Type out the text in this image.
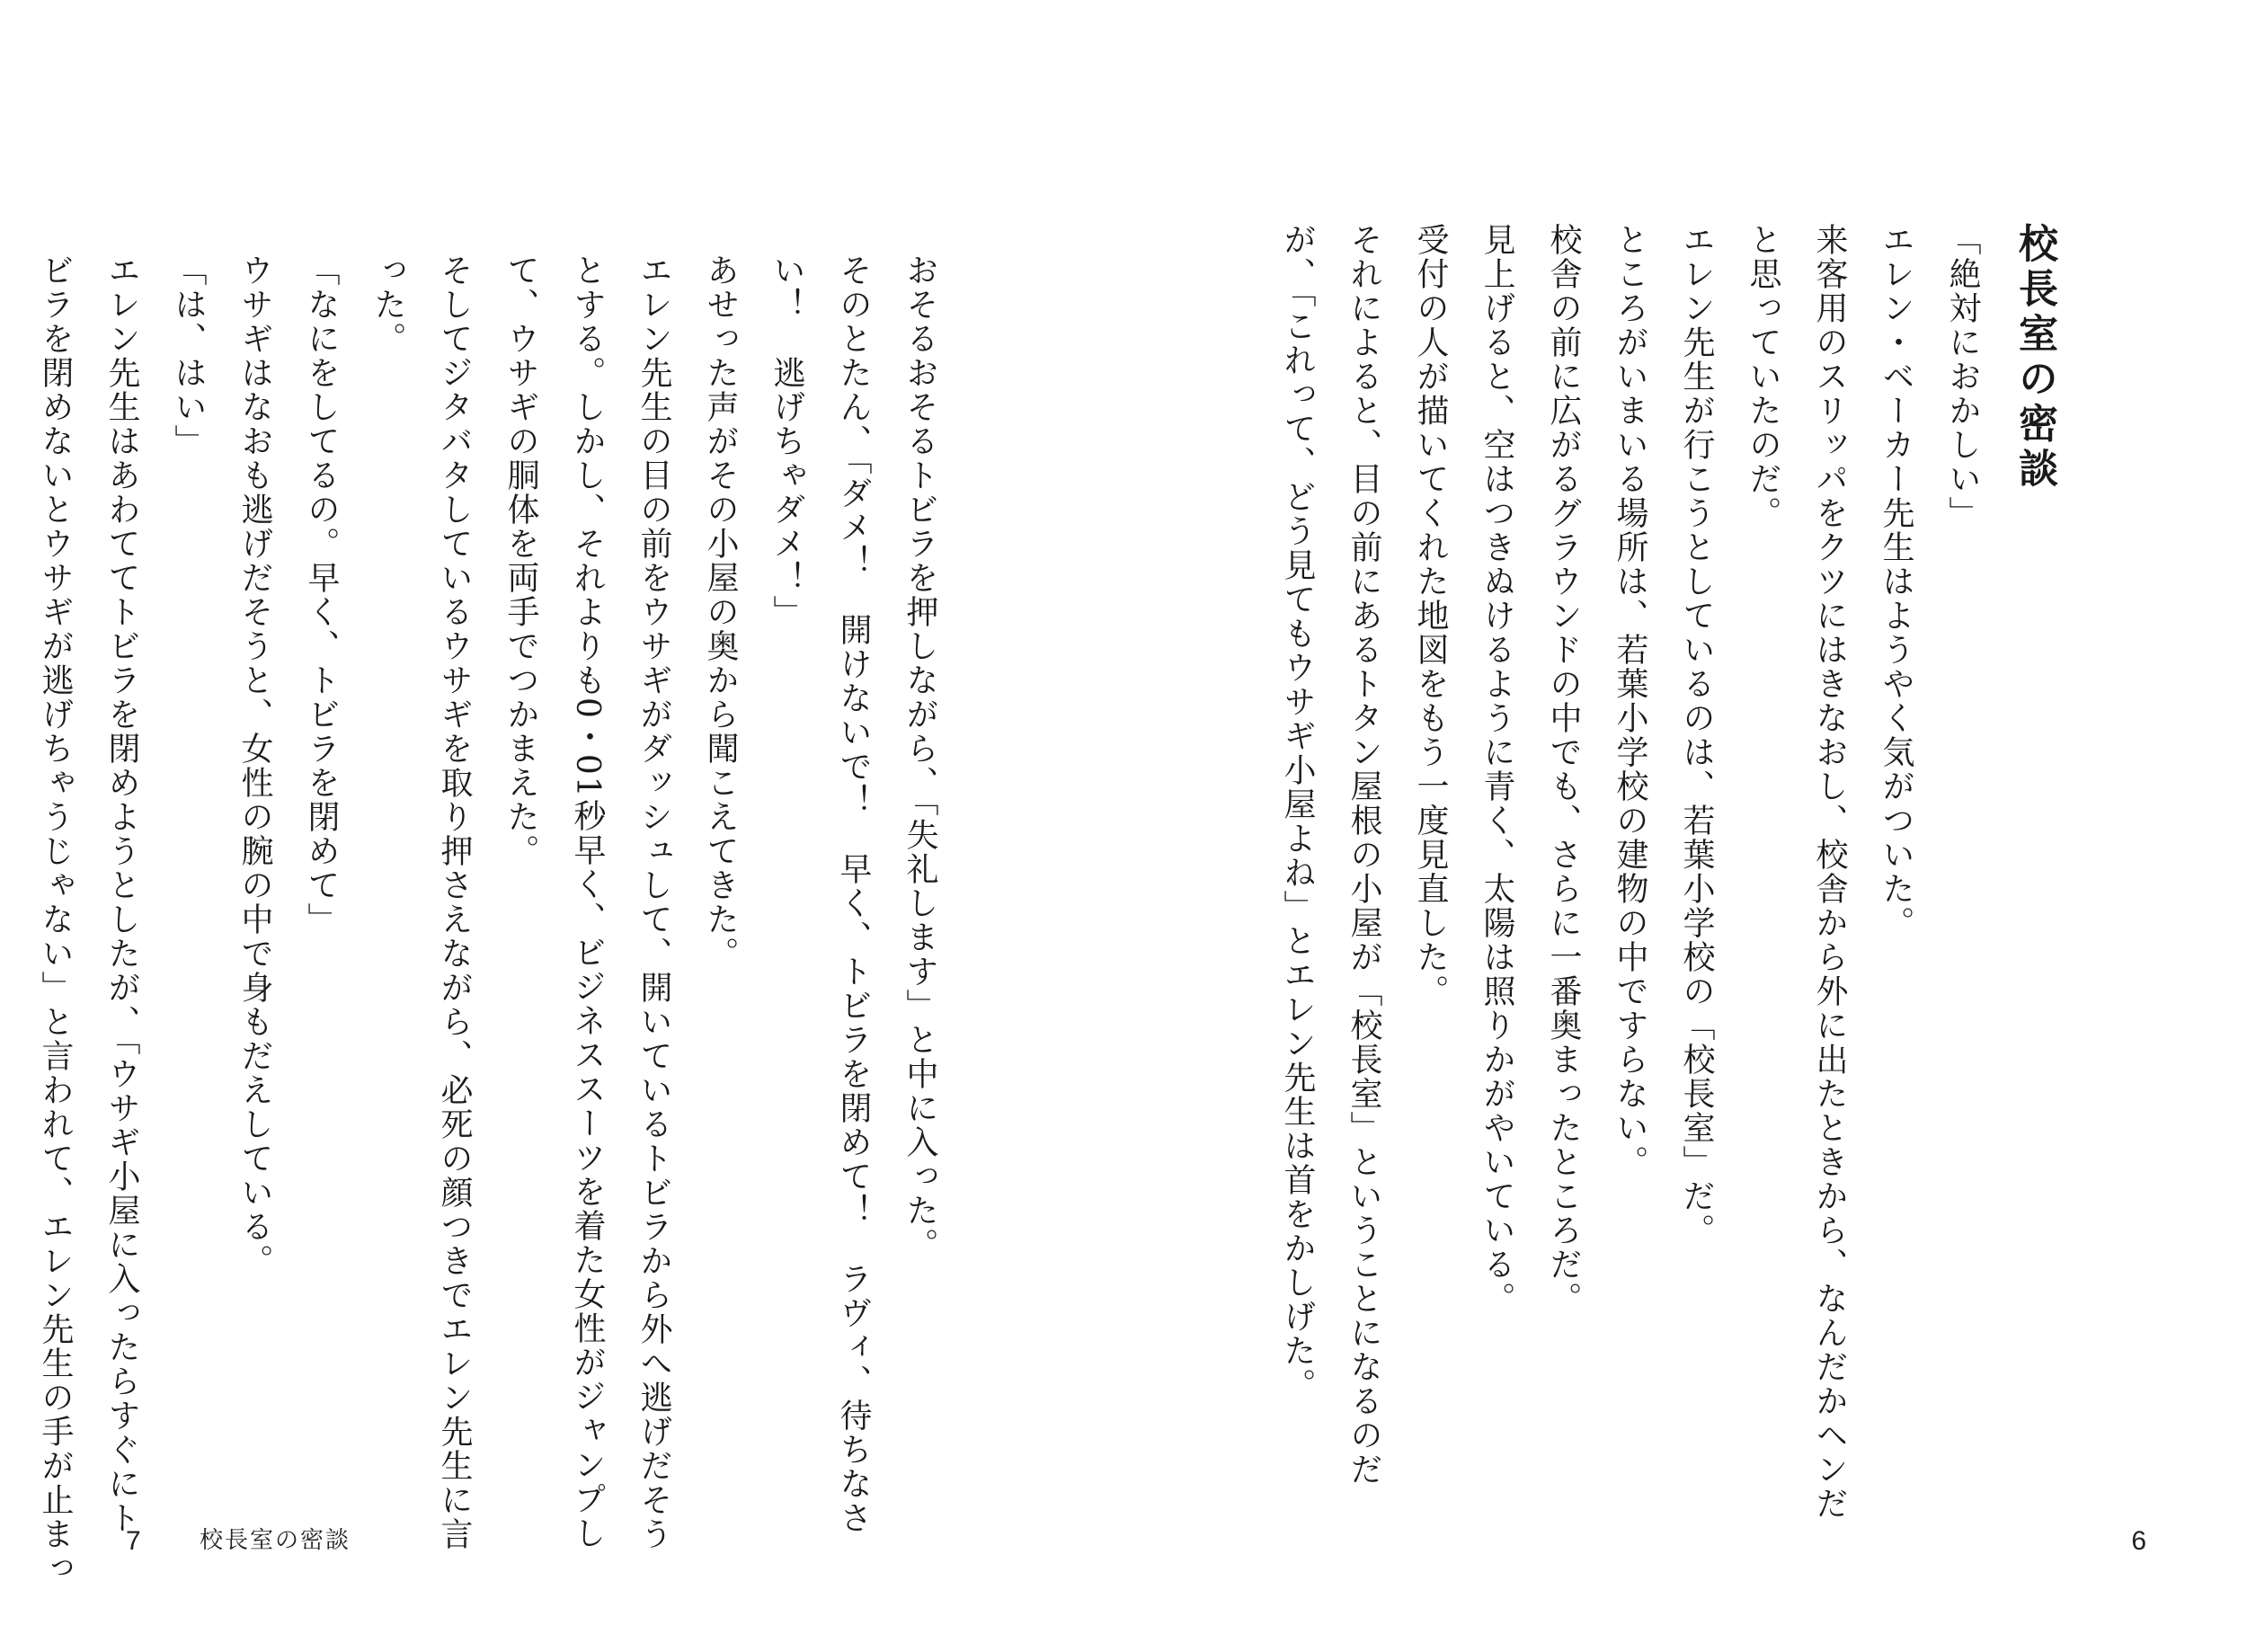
校長室の密談
「絶対におかしい」
エレン・ベーカー先生はようやく気がついた。
来客用のスリッパをクツにはきなおし、校舎から外に出たときから、なんだかヘンだ
と思っていたのだ。
エレン先生が行こうとしているのは、若葉小学校の「校長室」だ。
ところがいまいる場所は、若葉小学校の建物の中ですらない。
校舎の前に広がるグラウンドの中でも、さらに一番奥まったところだ。
見上げると、空はつきぬけるように青く、太陽は照りかがやいている。
受付の人が描いてくれた地図をもう一度見直した。
それによると、目の前にあるトタン屋根の小屋が「校長室」ということになるのだ
が、「これって、どう見てもウサギ小屋よね」とエレン先生は首をかしげた。
6
おそるおそるトビラを押しながら、「失礼します」と中に入った。
そのとたん、「ダメ！　開けないで！　早く、トビラを閉めて！　ラヴィ、待ちなさ
い！　逃げちゃダメ！」
あせった声がその小屋の奥から聞こえてきた。
エレン先生の目の前をウサギがダッシュして、開いているトビラから外へ逃げだそう
とする。しかし、それよりも0・01秒早く、ビジネススーツを着た女性がジャンプし
て、ウサギの胴体を両手でつかまえた。
そしてジタバタしているウサギを取り押さえながら、必死の顔つきでエレン先生に言
った。
「なにをしてるの。早く、トビラを閉めて」
ウサギはなおも逃げだそうと、女性の腕の中で身もだえしている。
「は、はい」
エレン先生はあわててトビラを閉めようとしたが、「ウサギ小屋に入ったらすぐにト
ビラを閉めないとウサギが逃げちゃうじゃない」と言われて、エレン先生の手が止まっ	7	校長室の密談
